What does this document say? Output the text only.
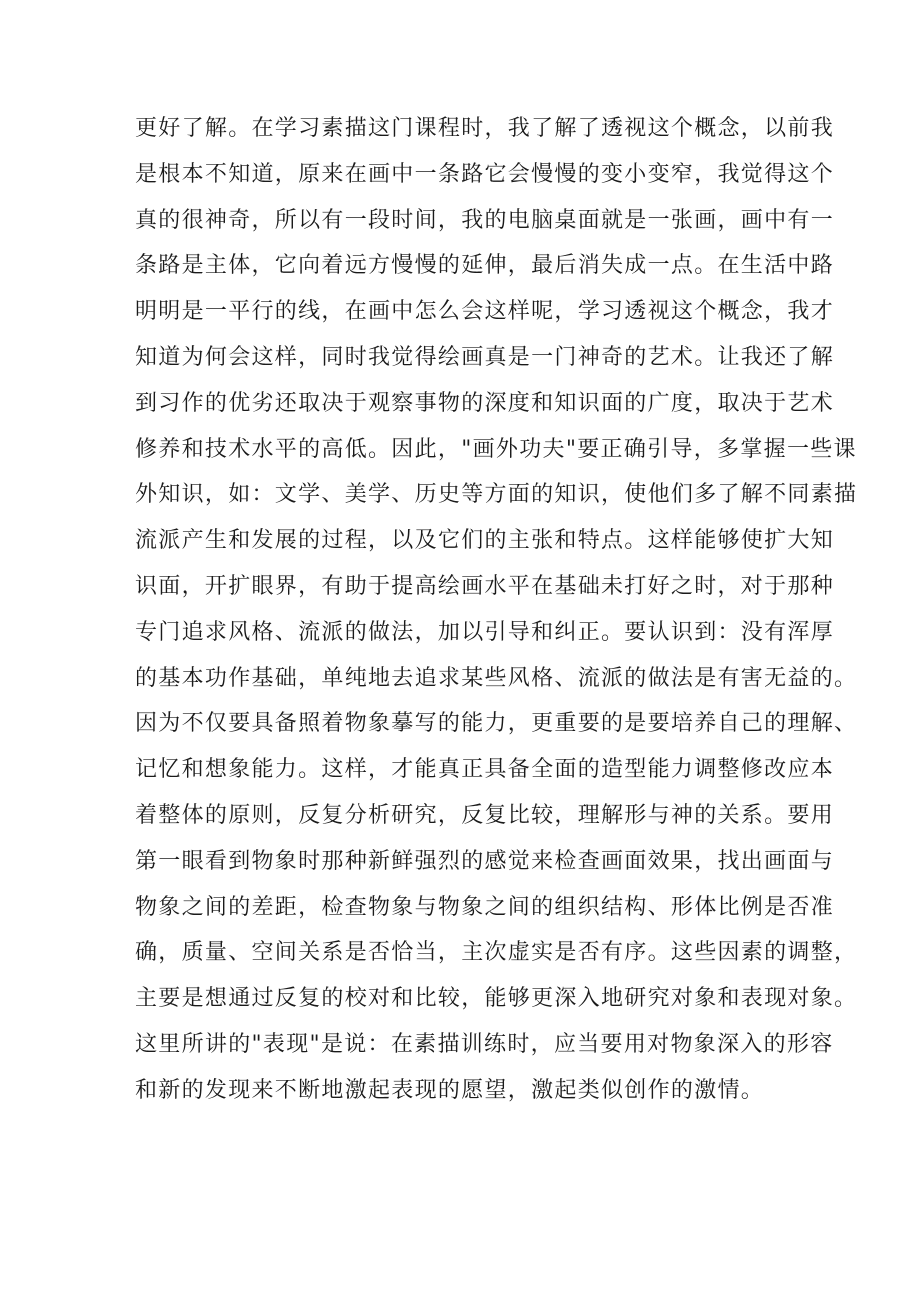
更好了解。在学习素描这门课程时，我了解了透视这个概念，以前我
是根本不知道，原来在画中一条路它会慢慢的变小变窄，我觉得这个
真的很神奇，所以有一段时间，我的电脑桌面就是一张画，画中有一
条路是主体，它向着远方慢慢的延伸，最后消失成一点。在生活中路
明明是一平行的线，在画中怎么会这样呢，学习透视这个概念，我才
知道为何会这样，同时我觉得绘画真是一门神奇的艺术。让我还了解
到习作的优劣还取决于观察事物的深度和知识面的广度，取决于艺术
修养和技术水平的高低。因此，"画外功夫"要正确引导，多掌握一些课
外知识，如：文学、美学、历史等方面的知识，使他们多了解不同素描
流派产生和发展的过程，以及它们的主张和特点。这样能够使扩大知
识面，开扩眼界，有助于提高绘画水平在基础未打好之时，对于那种
专门追求风格、流派的做法，加以引导和纠正。要认识到：没有浑厚
的基本功作基础，单纯地去追求某些风格、流派的做法是有害无益的。
因为不仅要具备照着物象摹写的能力，更重要的是要培养自己的理解、
记忆和想象能力。这样，才能真正具备全面的造型能力调整修改应本
着整体的原则，反复分析研究，反复比较，理解形与神的关系。要用
第一眼看到物象时那种新鲜强烈的感觉来检查画面效果，找出画面与
物象之间的差距，检查物象与物象之间的组织结构、形体比例是否准
确，质量、空间关系是否恰当，主次虚实是否有序。这些因素的调整，
主要是想通过反复的校对和比较，能够更深入地研究对象和表现对象。
这里所讲的"表现"是说：在素描训练时，应当要用对物象深入的形容
和新的发现来不断地激起表现的愿望，激起类似创作的激情。
